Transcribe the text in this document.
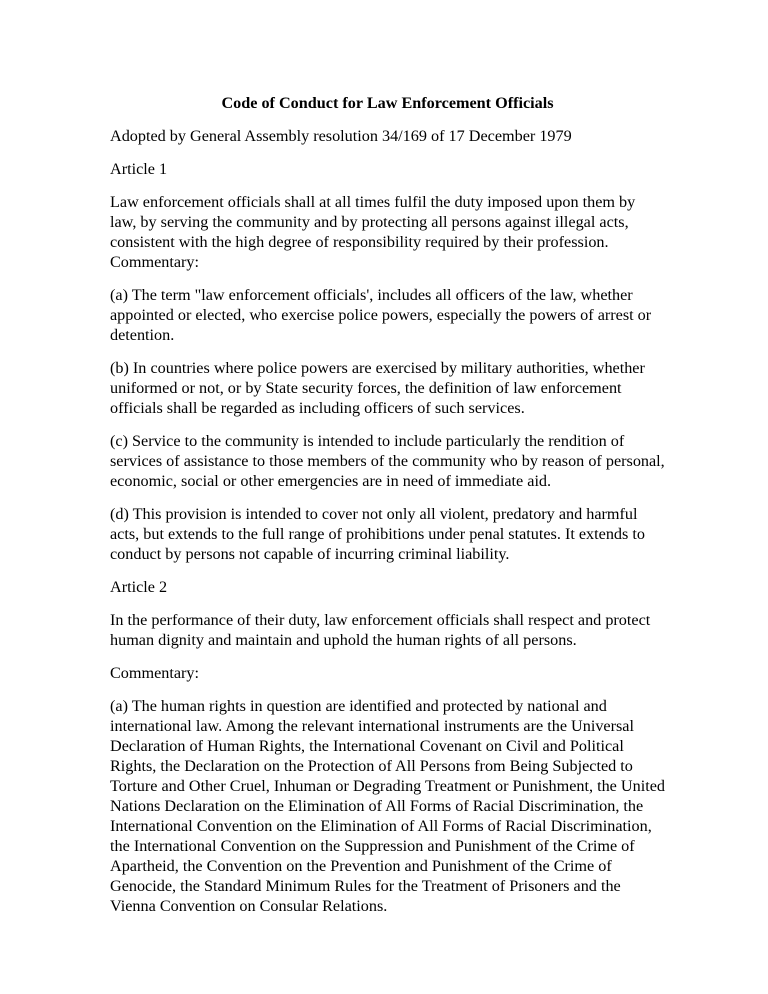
Code of Conduct for Law Enforcement Officials

Adopted by General Assembly resolution 34/169 of 17 December 1979

Article 1

Law enforcement officials shall at all times fulfil the duty imposed upon them by law, by serving the community and by protecting all persons against illegal acts, consistent with the high degree of responsibility required by their profession. Commentary:

(a) The term "law enforcement officials', includes all officers of the law, whether appointed or elected, who exercise police powers, especially the powers of arrest or detention.

(b) In countries where police powers are exercised by military authorities, whether uniformed or not, or by State security forces, the definition of law enforcement officials shall be regarded as including officers of such services.

(c) Service to the community is intended to include particularly the rendition of services of assistance to those members of the community who by reason of personal, economic, social or other emergencies are in need of immediate aid.

(d) This provision is intended to cover not only all violent, predatory and harmful acts, but extends to the full range of prohibitions under penal statutes. It extends to conduct by persons not capable of incurring criminal liability.

Article 2

In the performance of their duty, law enforcement officials shall respect and protect human dignity and maintain and uphold the human rights of all persons.

Commentary:

(a) The human rights in question are identified and protected by national and international law. Among the relevant international instruments are the Universal Declaration of Human Rights, the International Covenant on Civil and Political Rights, the Declaration on the Protection of All Persons from Being Subjected to Torture and Other Cruel, Inhuman or Degrading Treatment or Punishment, the United Nations Declaration on the Elimination of All Forms of Racial Discrimination, the International Convention on the Elimination of All Forms of Racial Discrimination, the International Convention on the Suppression and Punishment of the Crime of Apartheid, the Convention on the Prevention and Punishment of the Crime of Genocide, the Standard Minimum Rules for the Treatment of Prisoners and the Vienna Convention on Consular Relations.
